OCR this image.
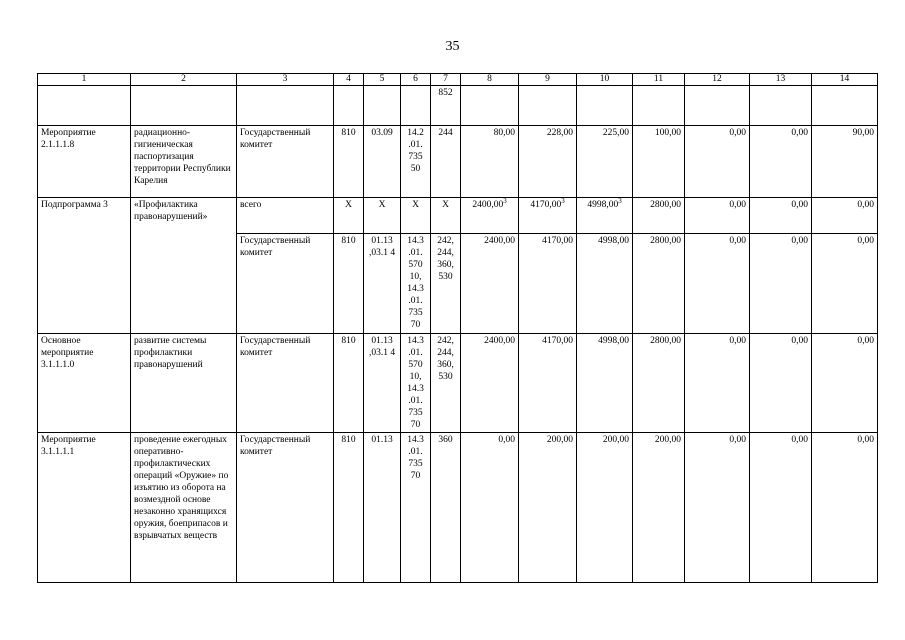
35
1	2	3	4	5	6	7	8	9	10	11	12	13	14
						852							
Мероприятие 2.1.1.1.8	радиационно-гигиеническая паспортизация территории Республики Карелия	Государственный комитет	810	03.09	14.2 .01. 735 50	244	80,00	228,00	225,00	100,00	0,00	0,00	90,00
Подпрограмма 3	«Профилактика правонарушений»	всего	X	X	X	X	2400,00$^3$	4170,00$^3$	4998,00$^3$	2800,00	0,00	0,00	0,00
		Государственный комитет	810	01.13 ,03.1 4	14.3 .01. 570 10, 14.3 .01. 735 70	242, 244, 360, 530	2400,00	4170,00	4998,00	2800,00	0,00	0,00	0,00
Основное мероприятие 3.1.1.1.0	развитие системы профилактики правонарушений	Государственный комитет	810	01.13 ,03.1 4	14.3 .01. 570 10, 14.3 .01. 735 70	242, 244, 360, 530	2400,00	4170,00	4998,00	2800,00	0,00	0,00	0,00
Мероприятие 3.1.1.1.1	проведение ежегодных оперативно-профилактических операций «Оружие» по изъятию из оборота на возмездной основе незаконно хранящихся оружия, боеприпасов и взрывчатых веществ	Государственный комитет	810	01.13	14.3 .01. 735 70	360	0,00	200,00	200,00	200,00	0,00	0,00	0,00
